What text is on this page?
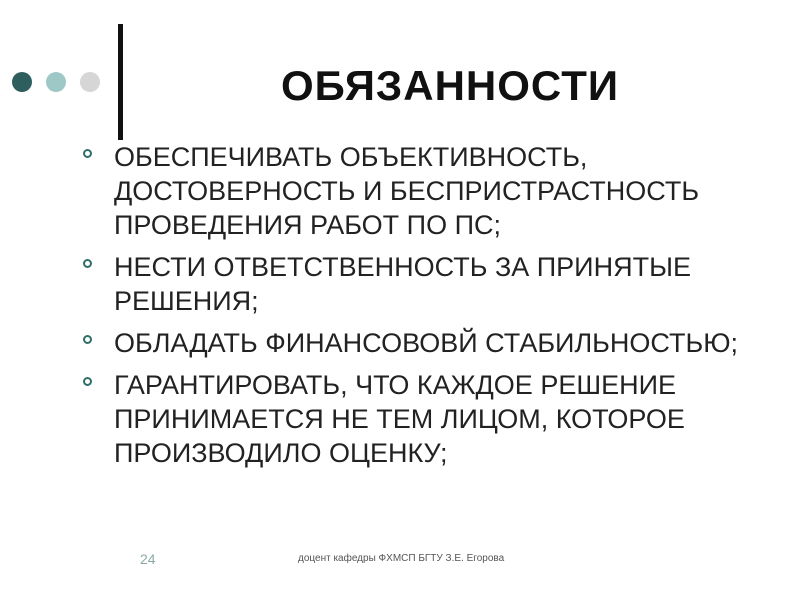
ОБЯЗАННОСТИ
ОБЕСПЕЧИВАТЬ ОБЪЕКТИВНОСТЬ, ДОСТОВЕРНОСТЬ И БЕСПРИСТРАСТНОСТЬ ПРОВЕДЕНИЯ РАБОТ ПО ПС;
НЕСТИ ОТВЕТСТВЕННОСТЬ ЗА ПРИНЯТЫЕ РЕШЕНИЯ;
ОБЛАДАТЬ ФИНАНСОВОВЙ СТАБИЛЬНОСТЬЮ;
ГАРАНТИРОВАТЬ, ЧТО КАЖДОЕ РЕШЕНИЕ ПРИНИМАЕТСЯ НЕ ТЕМ ЛИЦОМ, КОТОРОЕ ПРОИЗВОДИЛО ОЦЕНКУ;
24	доцент кафедры ФХМСП БГТУ З.Е. Егорова
